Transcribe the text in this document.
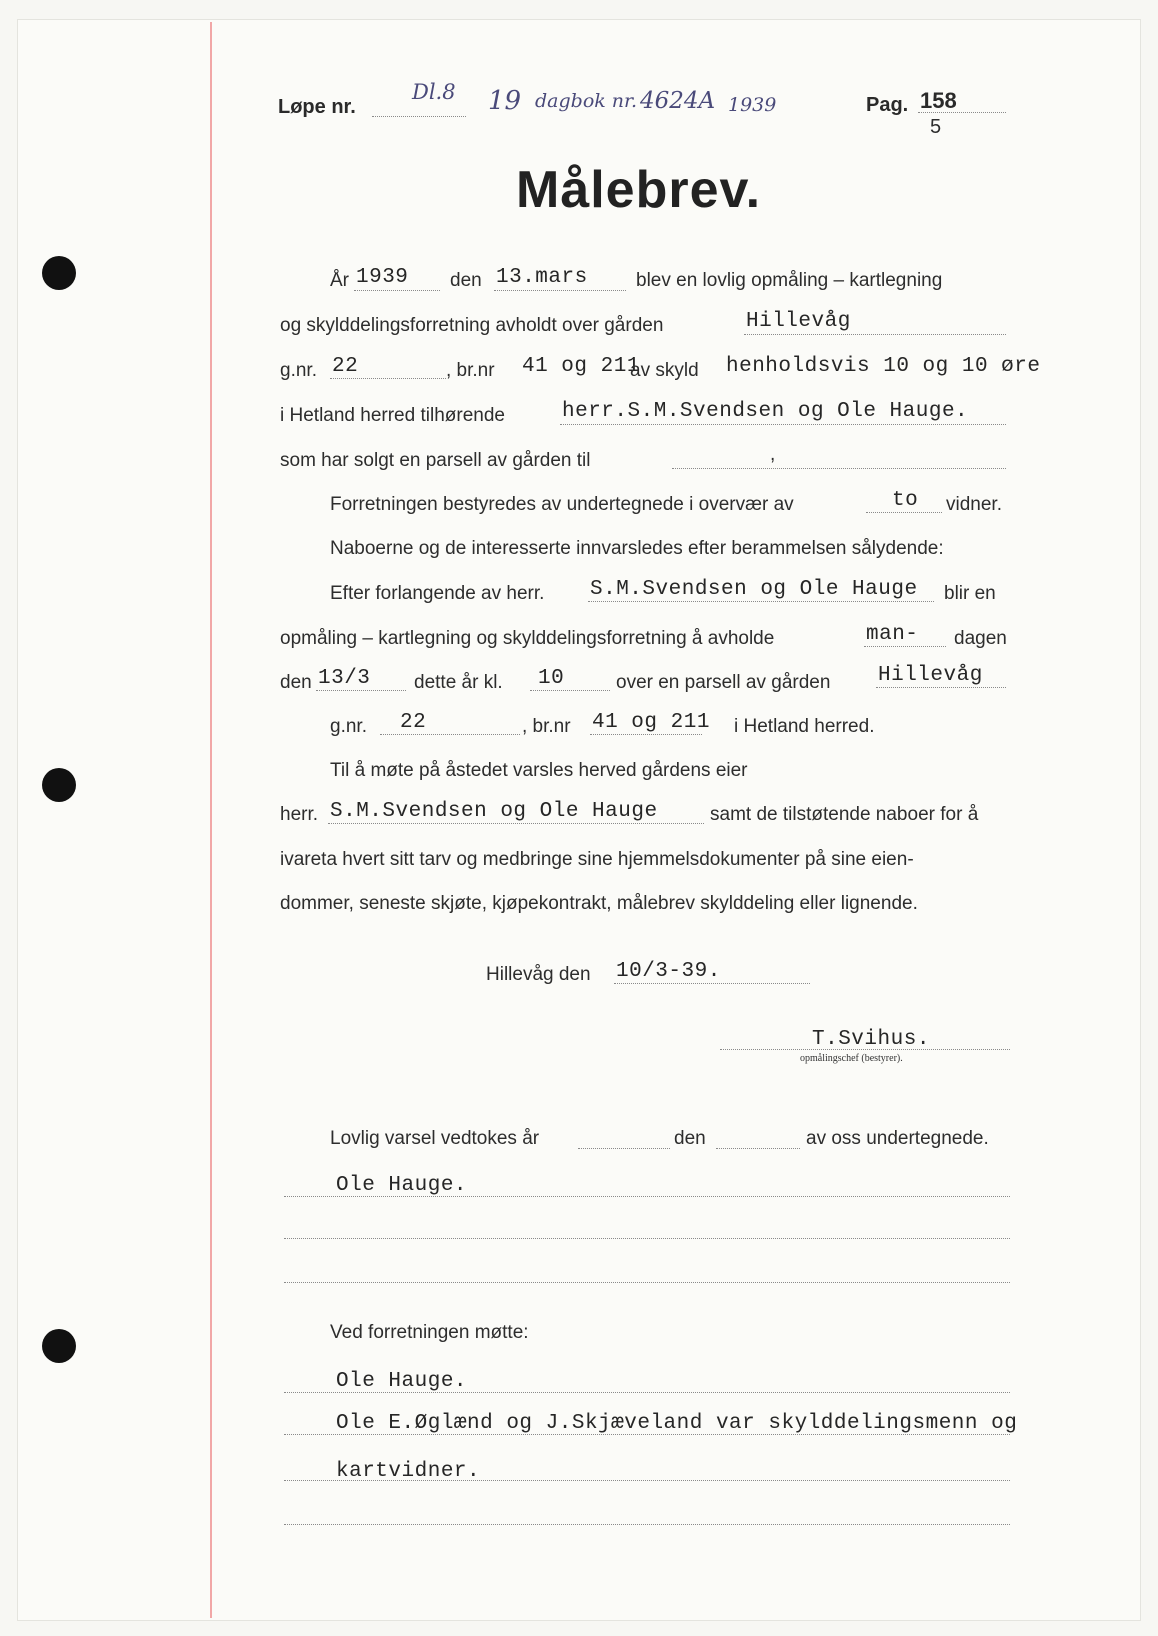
Løpe nr.
Dl.8 19 dagbok nr. 4624A 1939	Pag. 158
5
Målebrev.
År 1939 den 13.mars	blev en lovlig opmåling – kartlegning
og skylddelingsforretning avholdt over gården	Hillevåg
g.nr. 22	, br.nr 41 og 211
av skyld henholdsvis 10 og 10 øre
i Hetland herred tilhørende	herr.S.M.Svendsen og Ole Hauge.
som har solgt en parsell av gården til	,
Forretningen bestyredes av undertegnede i overvær av	to vidner.
Naboerne og de interesserte innvarsledes efter berammelsen sålydende:
Efter forlangende av herr. S.M.Svendsen og Ole Hauge blir en
opmåling – kartlegning og skylddelingsforretning å avholde	man- dagen
den 13/3 dette år kl. 10	over en parsell av gården Hillevåg
g.nr. 22	, br.nr 41 og 211 i Hetland herred.
Til å møte på åstedet varsles herved gårdens eier
herr. S.M.Svendsen og Ole Hauge	samt de tilstøtende naboer for å
ivareta hvert sitt tarv og medbringe sine hjemmelsdokumenter på sine eien-
dommer, seneste skjøte, kjøpekontrakt, målebrev skylddeling eller lignende.
Hillevåg den 10/3-39.
T.Svihus.
opmålingschef (bestyrer).
Lovlig varsel vedtokes år	den	av oss undertegnede.
Ole Hauge.
Ved forretningen møtte:
Ole Hauge.
Ole E.Øglænd og J.Skjæveland var skylddelingsmenn og
kartvidner.
